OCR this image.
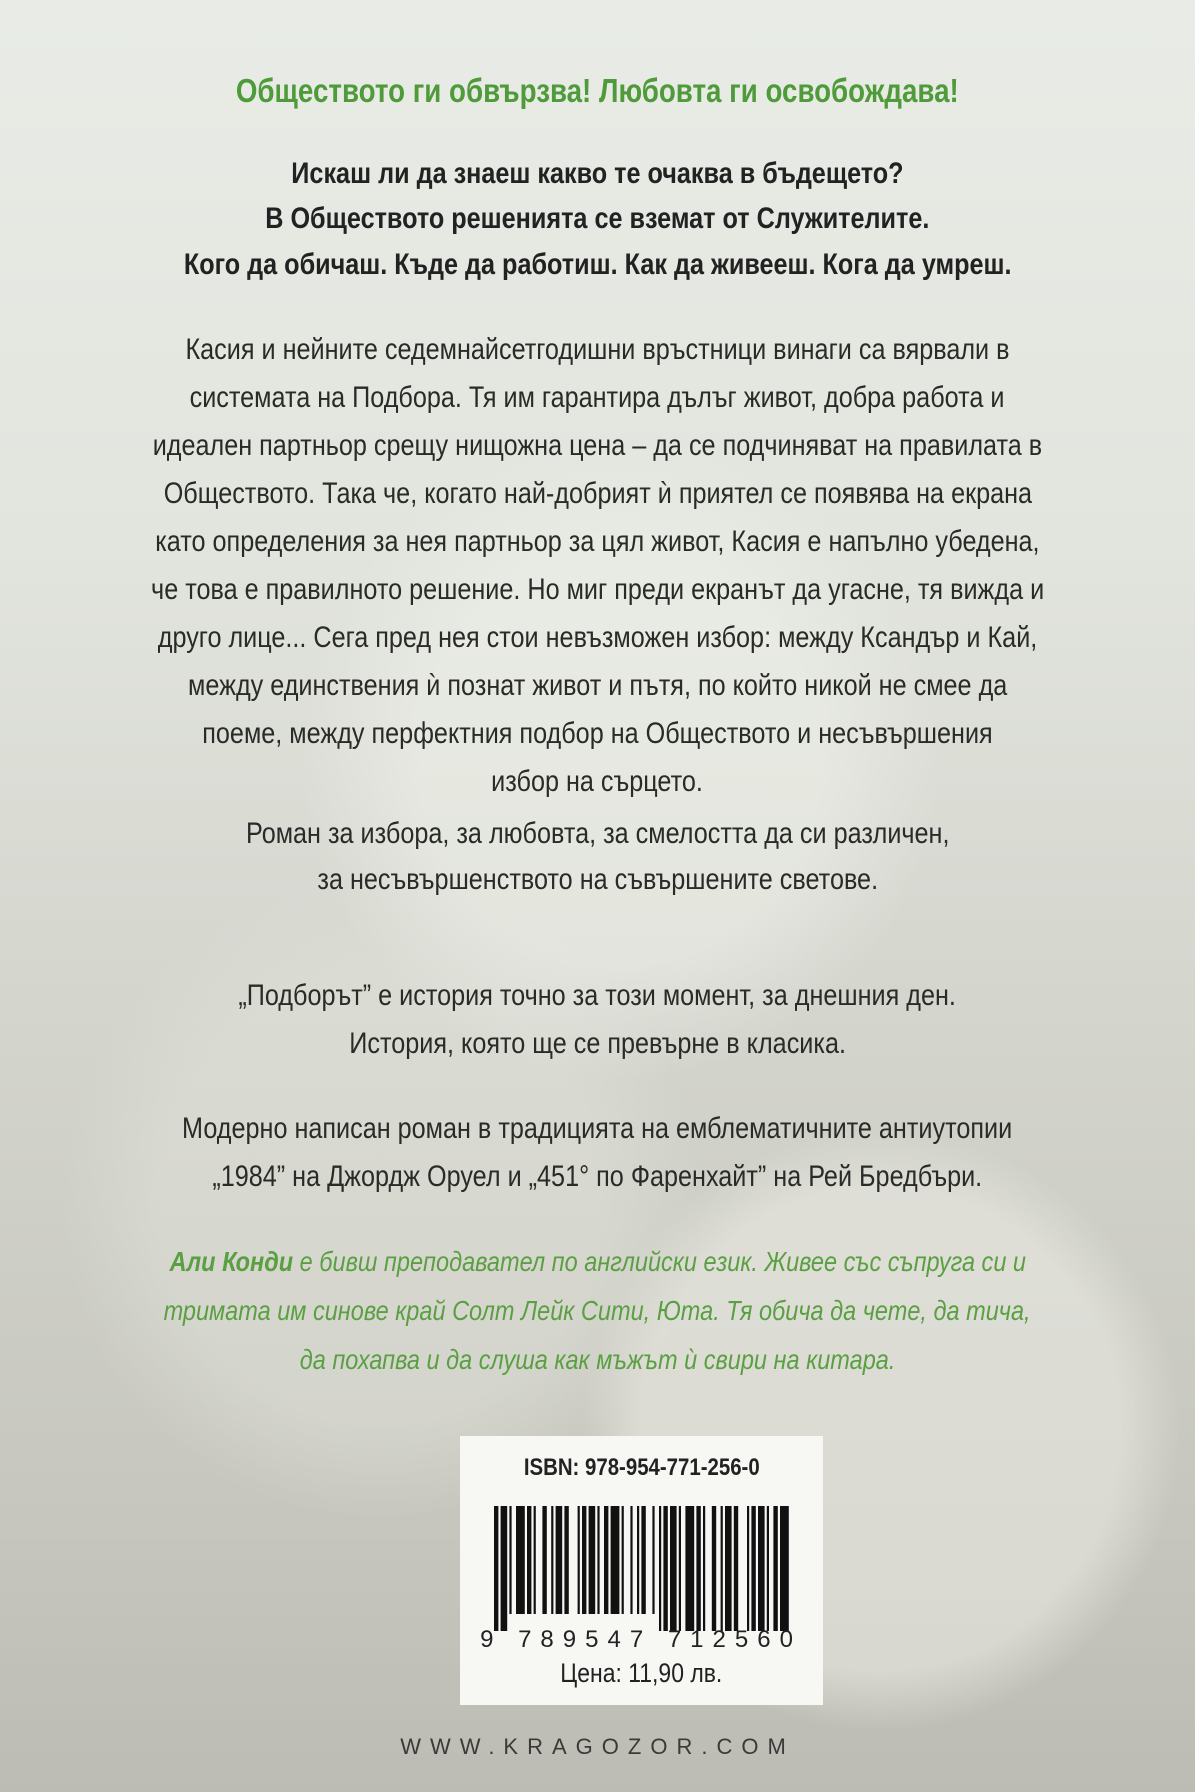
Обществото ги обвързва! Любовта ги освобождава!
Искаш ли да знаеш какво те очаква в бъдещето?
В Обществото решенията се вземат от Служителите.
Кого да обичаш. Къде да работиш. Как да живееш. Кога да умреш.
Касия и нейните седемнайсетгодишни връстници винаги са вярвали в
системата на Подбора. Тя им гарантира дълъг живот, добра работа и
идеален партньор срещу нищожна цена – да се подчиняват на правилата в
Обществото. Така че, когато най-добрият ѝ приятел се появява на екрана
като определения за нея партньор за цял живот, Касия е напълно убедена,
че това е правилното решение. Но миг преди екранът да угасне, тя вижда и
друго лице... Сега пред нея стои невъзможен избор: между Ксандър и Кай,
между единствения ѝ познат живот и пътя, по който никой не смее да
поеме, между перфектния подбор на Обществото и несъвършения
избор на сърцето.
Роман за избора, за любовта, за смелостта да си различен,
за несъвършенството на съвършените светове.
„Подборът” е история точно за този момент, за днешния ден.
История, която ще се превърне в класика.
Модерно написан роман в традицията на емблематичните антиутопии
„1984” на Джордж Оруел и „451° по Фаренхайт” на Рей Бредбъри.
Али Конди е бивш преподавател по английски език. Живее със съпруга си и
тримата им синове край Солт Лейк Сити, Юта. Тя обича да чете, да тича,
да похапва и да слуша как мъжът ѝ свири на китара.
ISBN: 978-954-771-256-0
9 789547 712560
Цена: 11,90 лв.
WWW.KRAGOZOR.COM
